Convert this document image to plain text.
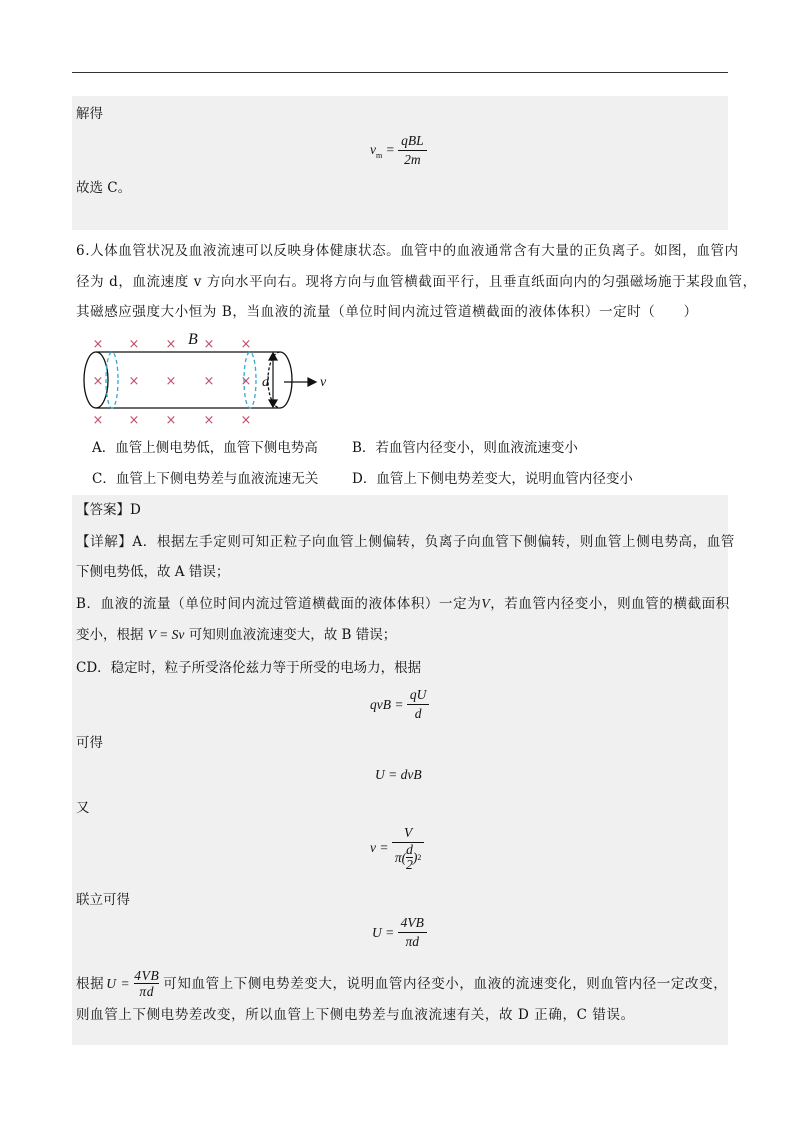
解得
$v_m = \frac{\text{qBL}}{2m}$
故选 C。
6.人体血管状况及血液流速可以反映身体健康状态。血管中的血液通常含有大量的正负离子。如图，血管内
径为 d，血流速度 v 方向水平向右。现将方向与血管横截面平行，且垂直纸面向内的匀强磁场施于某段血管，
其磁感应强度大小恒为 B，当血液的流量（单位时间内流过管道横截面的液体体积）一定时（　　）
× × × × ×
× × × × ×
× × × × ×
B
d	v
A．血管上侧电势低，血管下侧电势高	B．若血管内径变小，则血液流速变小
C．血管上下侧电势差与血液流速无关 D．血管上下侧电势差变大，说明血管内径变小
【答案】D
【详解】A．根据左手定则可知正粒子向血管上侧偏转，负离子向血管下侧偏转，则血管上侧电势高，血管
下侧电势低，故 A 错误；
B．血液的流量（单位时间内流过管道横截面的液体体积）一定为V，若血管内径变小，则血管的横截面积
变小，根据 V = Sv 可知则血液流速变大，故 B 错误；
CD．稳定时，粒子所受洛伦兹力等于所受的电场力，根据
qvB = $\frac{qU}{d}$
可得
U = dvB
又
v = V
π( d
2 ) 2
联立可得
$U = \frac{4VB}{\pi d}$
根据 U = 4VB
πd 可知血管上下侧电势差变大，说明血管内径变小，血液的流速变化，则血管内径一定改变，
则血管上下侧电势差改变，所以血管上下侧电势差与血液流速有关，故 D 正确，C 错误。
